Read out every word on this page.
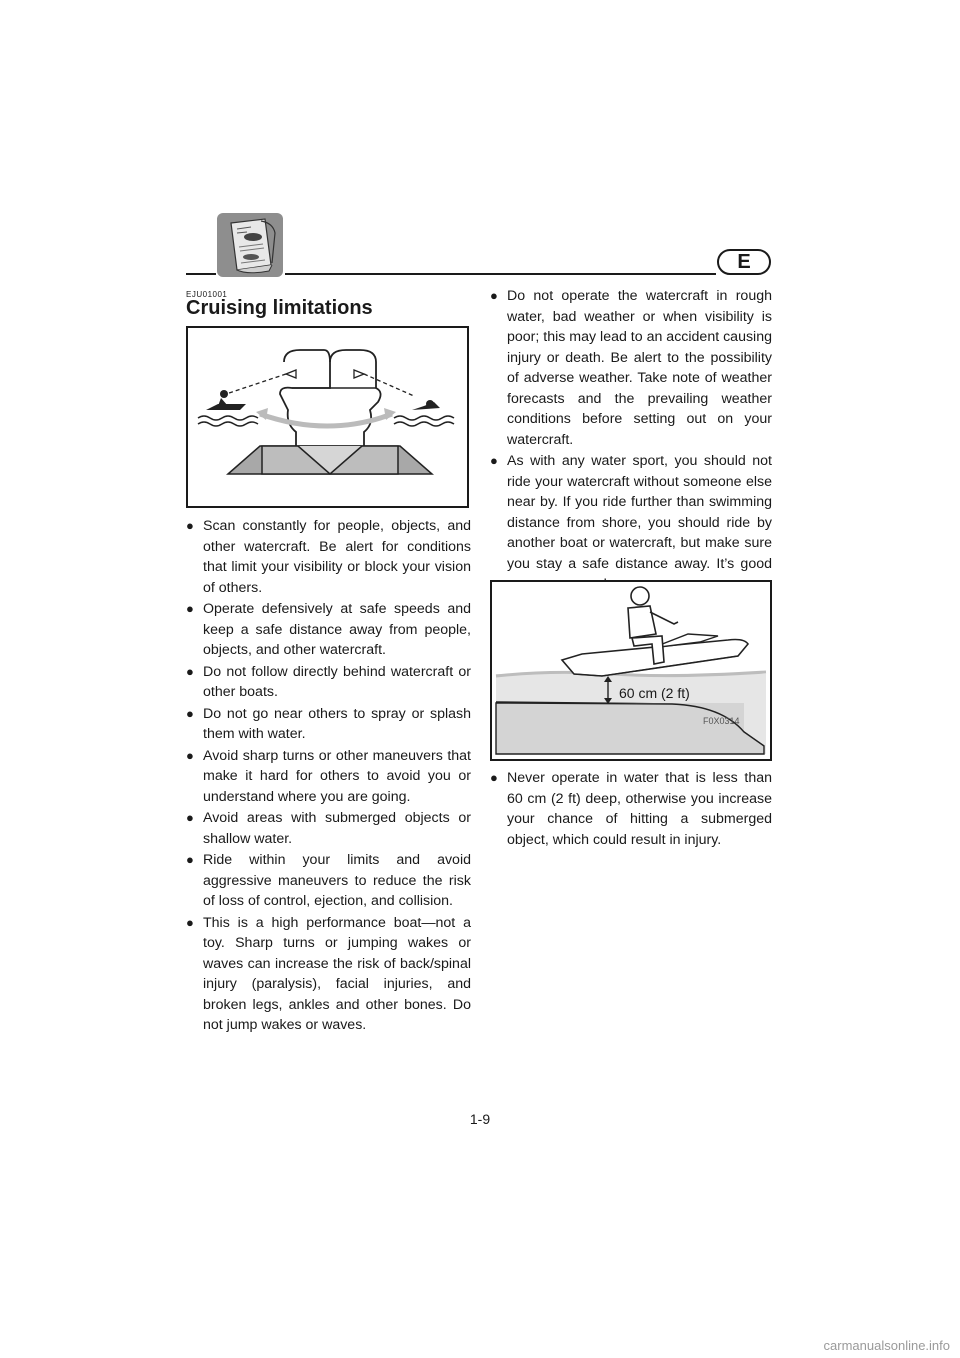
E
EJU01001
Cruising limitations
● Scan constantly for people, objects, and other watercraft. Be alert for conditions that limit your visibility or block your vision of others.
● Operate defensively at safe speeds and keep a safe distance away from people, objects, and other watercraft.
● Do not follow directly behind watercraft or other boats.
● Do not go near others to spray or splash them with water.
● Avoid sharp turns or other maneuvers that make it hard for others to avoid you or understand where you are going.
● Avoid areas with submerged objects or shallow water.
● Ride within your limits and avoid aggressive maneuvers to reduce the risk of loss of control, ejection, and collision.
● This is a high performance boat—not a toy. Sharp turns or jumping wakes or waves can increase the risk of back/spinal injury (paralysis), facial injuries, and broken legs, ankles and other bones. Do not jump wakes or waves.
● Do not operate the watercraft in rough water, bad weather or when visibility is poor; this may lead to an accident causing injury or death. Be alert to the possibility of adverse weather. Take note of weather forecasts and the prevailing weather conditions before setting out on your watercraft.
● As with any water sport, you should not ride your watercraft without someone else near by. If you ride further than swimming distance from shore, you should ride by another boat or watercraft, but make sure you stay a safe distance away. It’s good
60 cm (2 ft)
F0X0314
● Never operate in water that is less than 60 cm (2 ft) deep, otherwise you increase your chance of hitting a submerged object, which could result in injury.
1-9
carmanualsonline.info
